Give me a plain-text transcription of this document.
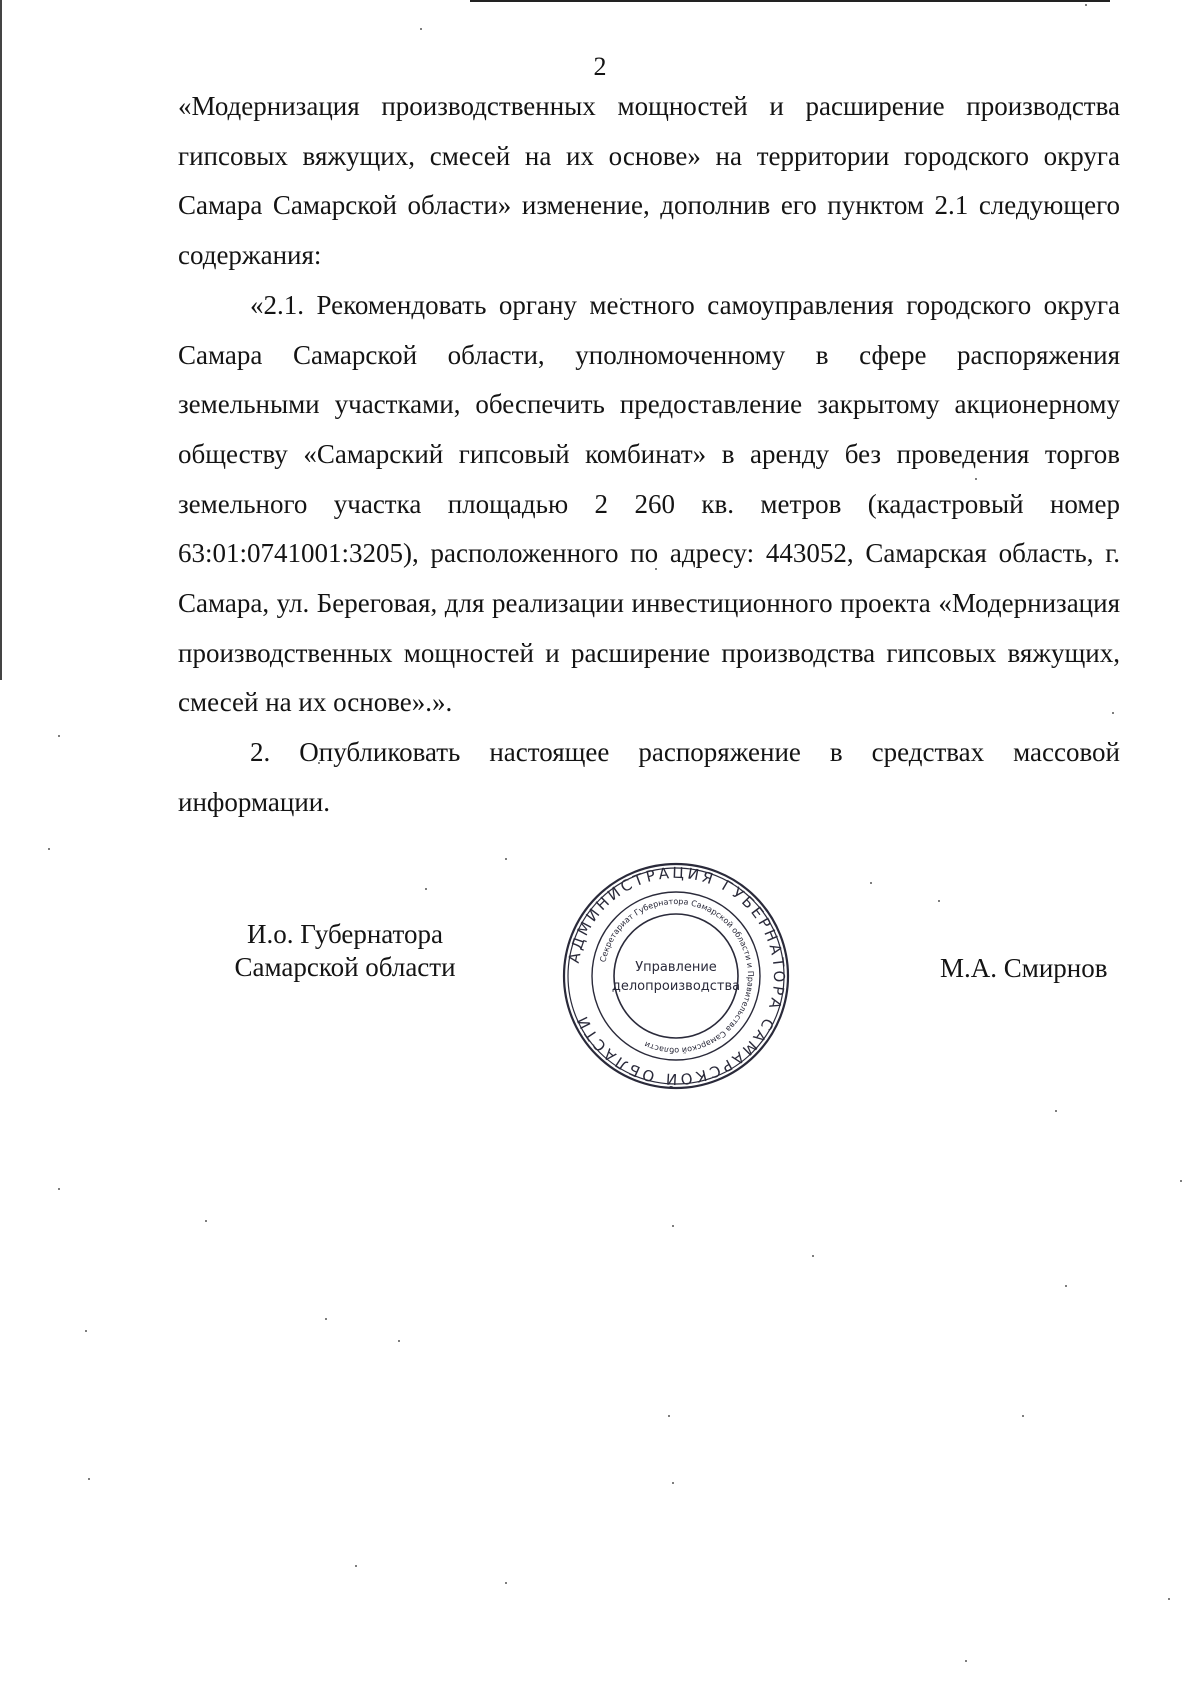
2

«Модернизация производственных мощностей и расширение производства гипсовых вяжущих, смесей на их основе» на территории городского округа Самара Самарской области» изменение, дополнив его пунктом 2.1 следующего содержания:

«2.1. Рекомендовать органу местного самоуправления городского округа Самара Самарской области, уполномоченному в сфере распоряжения земельными участками, обеспечить предоставление закрытому акционерному обществу «Самарский гипсовый комбинат» в аренду без проведения торгов земельного участка площадью 2 260 кв. метров (кадастровый номер 63:01:0741001:3205), расположенного по адресу: 443052, Самарская область, г. Самара, ул. Береговая, для реализации инвестиционного проекта «Модернизация производственных мощностей и расширение производства гипсовых вяжущих, смесей на их основе».».

2. Опубликовать настоящее распоряжение в средствах массовой информации.

И.о. Губернатора
Самарской области	АДМИНИСТРАЦИЯ ГУБЕРНАТОРА САМАРСКОЙ ОБЛАСТИ
Секретариат Губернатора Самарской области и Правительства Самарской области
Управление
делопроизводства
М.А. Смирнов
